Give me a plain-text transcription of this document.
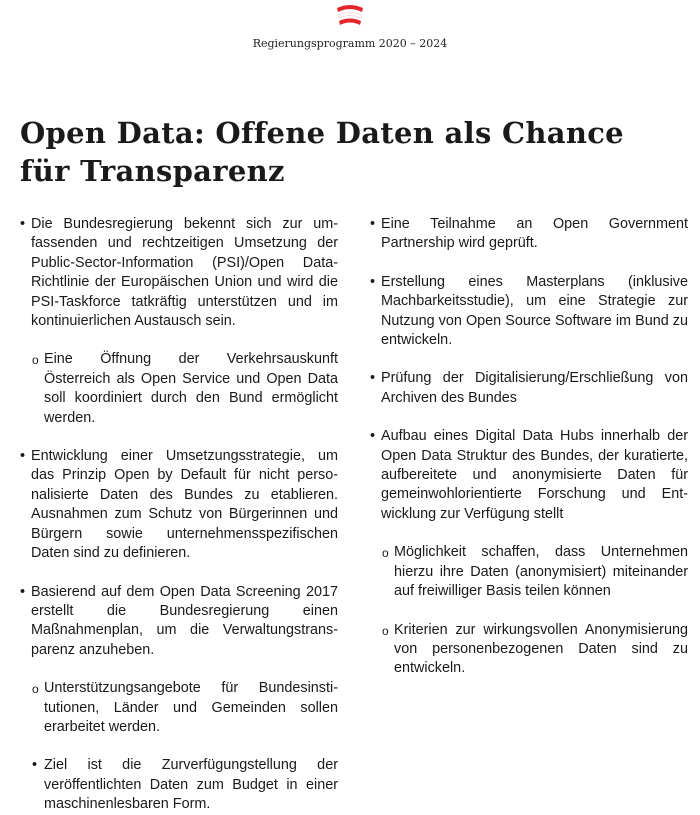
Regierungsprogramm 2020 – 2024
Open Data: Offene Daten als Chance
für Transparenz
• Die Bundesregierung bekennt sich zur umfassenden und rechtzeitigen Umsetzung der Public-Sector-Information (PSI)/Open Data-Richtlinie der Europäischen Union und wird die PSI-Taskforce tatkräftig unterstützen und im kontinuierlichen Austausch sein.
o Eine Öffnung der Verkehrsauskunft Österreich als Open Service und Open Data soll koordiniert durch den Bund ermöglicht werden.
• Entwicklung einer Umsetzungsstrategie, um das Prinzip Open by Default für nicht personalisierte Daten des Bundes zu etablieren. Ausnahmen zum Schutz von Bürgerinnen und Bürgern sowie unternehmensspezifischen Daten sind zu definieren.
• Basierend auf dem Open Data Screening 2017 erstellt die Bundesregierung einen Maßnahmenplan, um die Verwaltungstransparenz anzuheben.
o Unterstützungsangebote für Bundesinstitutionen, Länder und Gemeinden sollen erarbeitet werden.
• Ziel ist die Zurverfügungstellung der veröffentlichten Daten zum Budget in einer maschinenlesbaren Form.
• Eine Teilnahme an Open Government Partnership wird geprüft.
• Erstellung eines Masterplans (inklusive Machbarkeitsstudie), um eine Strategie zur Nutzung von Open Source Software im Bund zu entwickeln.
• Prüfung der Digitalisierung/Erschließung von Archiven des Bundes
• Aufbau eines Digital Data Hubs innerhalb der Open Data Struktur des Bundes, der kuratierte, aufbereitete und anonymisierte Daten für gemeinwohlorientierte Forschung und Entwicklung zur Verfügung stellt
o Möglichkeit schaffen, dass Unternehmen hierzu ihre Daten (anonymisiert) miteinander auf freiwilliger Basis teilen können
o Kriterien zur wirkungsvollen Anonymisierung von personenbezogenen Daten sind zu entwickeln.
